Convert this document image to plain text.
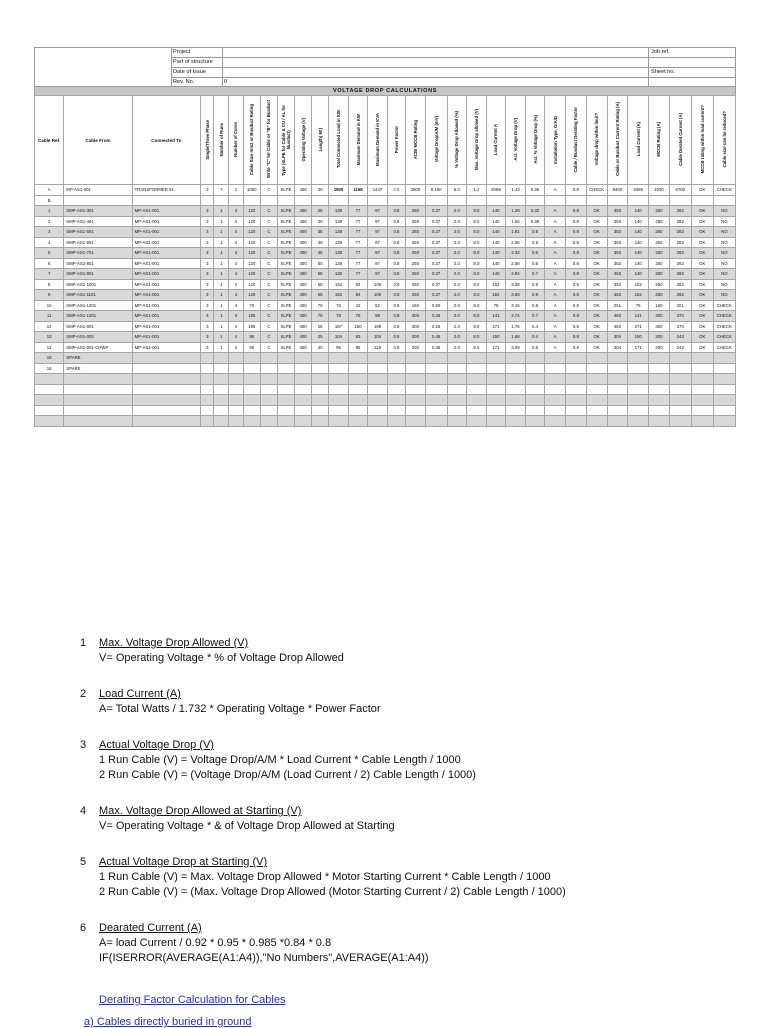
Project
Part of structure
Date of Issue
Rev. No.	0
Job ref.
Sheet no.
VOLTAGE DROP CALCULATIONS
Cable Ref.	Cable From	Connected To	Single/Three Phase	Number of Runs	Number of Cores	Cable Size mm2 or Busduct Rating	Write "C" for Cable or "B" for Busduct	Type (XLPE for Cable & CU / AL for Busduct)	Operating Voltage (V)	Length( Mt)	Total Connected Load in KW	Maximum Demand in KW	Maximum Demand in KVA	Power Factor	ACB/ MCCB Rating	Voltage Drop/A/M (mV)	% Voltage Drop Allowed (%)	Max. Voltage Drop allowed (V)	Load Current A	Act. Voltage Drop (V)	Act. % Voltage Drop (%)	Installation Type, G/A/D	Cable / Busduct Derating Factor	Voltage drop within limit?	Cable or Busduct Current Rating (A)	Load Current (A)	MCCB Rating (A)	Cable Derated Current (A)	MCCB rating within load current?	Cable size can be reduced?
A	MP-AS1-001	TRANSFORMER 01	3	7	1	1000	C	XLPE	400	30	1800	1158	1447	0.8	2500	0.160	5.0	1.2	2089	1.43	0.36	A	0.8	CHECK	8400	2089	2500	6700	OK	CHECK
B																														
1	SMP-AS1-301	MP-AS1-001	3	1	4	120	C	XLPE	400	25	138	77	97	0.8	250	0.37	2.0	8.0	140	1.29	0.32	A	0.8	OK	353	140	250	282	OK	NO
2	SMP-AS1-401	MP-AS1-001	3	1	4	120	C	XLPE	400	30	138	77	97	0.8	250	0.37	2.0	8.0	140	1.55	0.39	A	0.8	OK	353	140	250	282	OK	NO
3	SMP-AS1-501	MP-AS1-001	3	1	4	120	C	XLPE	400	35	138	77	97	0.8	250	0.37	2.0	8.0	140	1.81	0.5	A	0.8	OK	353	140	250	282	OK	NO
4	SMP-AS1-601	MP-AS1-001	3	1	4	120	C	XLPE	400	40	138	77	97	0.8	250	0.37	2.0	8.0	140	2.06	0.5	A	0.8	OK	353	140	250	282	OK	NO
5	SMP-AS1-701	MP-AS1-001	3	1	4	120	C	XLPE	400	45	138	77	97	0.8	250	0.37	2.0	8.0	140	2.32	0.6	A	0.8	OK	353	140	250	282	OK	NO
6	SMP-AS2-801	MP-AS1-001	3	1	4	120	C	XLPE	400	50	138	77	97	0.8	250	0.37	2.0	8.0	140	2.58	0.6	A	0.8	OK	353	140	250	282	OK	NO
7	SMP-AS1-901	MP-AS1-001	3	1	4	120	C	XLPE	400	55	138	77	97	0.8	250	0.37	2.0	8.0	140	2.84	0.7	A	0.8	OK	353	140	250	282	OK	NO
8	SMP-AS1-1001	MP-AS1-001	3	1	4	120	C	XLPE	400	60	152	84	106	0.8	250	0.37	2.0	8.0	152	3.38	0.8	A	0.8	OK	353	152	250	282	OK	NO
9	SMP-AS1-1101	MP-AS1-001	3	1	4	120	C	XLPE	400	65	152	84	106	0.8	250	0.37	2.0	8.0	152	3.66	0.9	A	0.8	OK	353	152	250	282	OK	NO
10	SMP-AS1-1201	MP-AS1-001	3	1	4	70	C	XLPE	400	70	72	42	52	0.8	160	0.60	2.0	8.0	75	3.16	0.8	A	0.8	OK	251	75	160	201	OK	CHECK
11	SMP-AS1-1301	MP-AS1-001	3	1	4	185	C	XLPE	400	75	78	78	98	0.8	300	0.26	2.0	8.0	141	2.74	0.7	A	0.8	OK	463	141	300	370	OK	CHECK
12	SMP-AS1-001	MP-AS1-001	3	1	4	185	C	XLPE	400	25	187	150	188	0.8	300	0.26	2.0	8.0	271	1.76	0.4	A	0.8	OK	463	271	300	370	OK	CHECK
13	SMP-AS1-002	MP-AS1-001	3	1	4	95	C	XLPE	400	25	104	83	104	0.8	200	0.45	2.0	8.0	150	1.68	0.4	A	0.8	OK	304	150	200	243	OK	CHECK
12	SMP-AS1-001-CHWP	MP-AS1-001	3	1	4	95	C	XLPE	400	40	95	95	119	0.8	200	0.45	2.0	8.0	171	3.09	0.8	A	0.8	OK	304	171	200	243	OK	CHECK
15	SPARE																													
16	SPARE																													

1	Max. Voltage Drop Allowed (V)
V= Operating Voltage * % of Voltage Drop Allowed
2	Load Current (A)
A= Total Watts / 1.732 * Operating Voltage * Power Factor
3	Actual Voltage Drop (V)
1 Run Cable (V) = Voltage Drop/A/M * Load Current * Cable Length / 1000
2 Run Cable (V) = (Voltage Drop/A/M (Load Current / 2) Cable Length / 1000)
4	Max. Voltage Drop Allowed at Starting (V)
V= Operating Voltage * & of Voltage Drop Allowed at Starting
5	Actual Voltage Drop at Starting (V)
1 Run Cable (V) = Max. Voltage Drop Allowed * Motor Starting Current * Cable Length / 1000
2 Run Cable (V) = (Max. Voltage Drop Allowed (Motor Starting Current / 2) Cable Length / 1000)
6	Dearated Current (A)
A= load Current / 0.92 * 0.95 * 0.985 *0.84 * 0.8
IF(ISERROR(AVERAGE(A1:A4)),"No Numbers",AVERAGE(A1:A4))
Derating Factor Calculation for Cables
a) Cables directly buried in ground
